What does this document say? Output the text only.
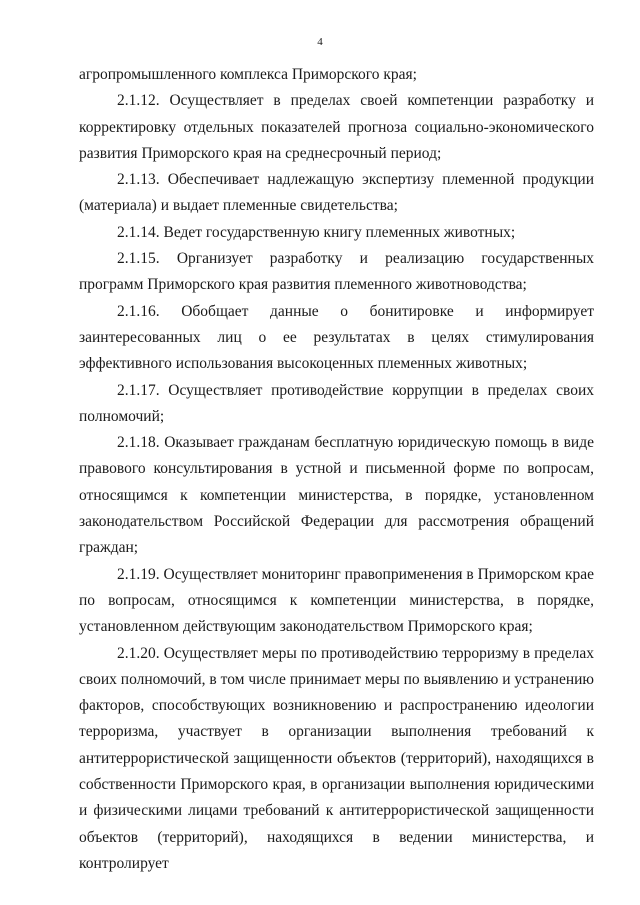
4

агропромышленного комплекса Приморского края;

2.1.12. Осуществляет в пределах своей компетенции разработку и корректировку отдельных показателей прогноза социально-экономического развития Приморского края на среднесрочный период;

2.1.13. Обеспечивает надлежащую экспертизу племенной продукции (материала) и выдает племенные свидетельства;

2.1.14. Ведет государственную книгу племенных животных;

2.1.15. Организует разработку и реализацию государственных программ Приморского края развития племенного животноводства;

2.1.16. Обобщает данные о бонитировке и информирует заинтересованных лиц о ее результатах в целях стимулирования эффективного использования высокоценных племенных животных;

2.1.17. Осуществляет противодействие коррупции в пределах своих полномочий;

2.1.18. Оказывает гражданам бесплатную юридическую помощь в виде правового консультирования в устной и письменной форме по вопросам, относящимся к компетенции министерства, в порядке, установленном законодательством Российской Федерации для рассмотрения обращений граждан;

2.1.19. Осуществляет мониторинг правоприменения в Приморском крае по вопросам, относящимся к компетенции министерства, в порядке, установленном действующим законодательством Приморского края;

2.1.20. Осуществляет меры по противодействию терроризму в пределах своих полномочий, в том числе принимает меры по выявлению и устранению факторов, способствующих возникновению и распространению идеологии терроризма, участвует в организации выполнения требований к антитеррористической защищенности объектов (территорий), находящихся в собственности Приморского края, в организации выполнения юридическими и физическими лицами требований к антитеррористической защищенности объектов (территорий), находящихся в ведении министерства, и контролирует
